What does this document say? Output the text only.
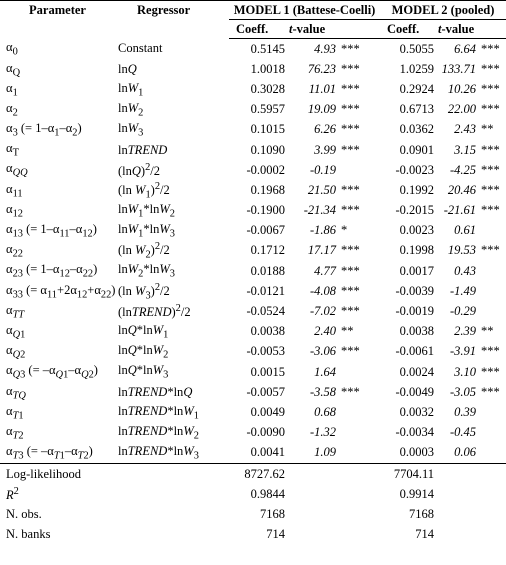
Parameter	Regressor	MODEL 1 (Battese-Coelli)			MODEL 2 (pooled)		
		Coeff.	t-value		Coeff.	t-value	
$\alpha_0$	Constant	0.5145	4.93	***	0.5055	6.64	***
$\alpha_Q$	lnQ	1.0018	76.23	***	1.0259	133.71	***
$\alpha_1$	lnW$_1$	0.3028	11.01	***	0.2924	10.26	***
$\alpha_2$	lnW$_2$	0.5957	19.09	***	0.6713	22.00	***
$\alpha_3$ (= $1-\alpha_1-\alpha_2$)	lnW$_3$	0.1015	6.26	***	0.0362	2.43	**
$\alpha_T$	lnTREND	0.1090	3.99	***	0.0901	3.15	***
$\alpha_{QQ}$	$(\ln Q)^2/2$	-0.0002	-0.19		-0.0023	-4.25	***
$\alpha_{11}$	(ln $W_1)^2/2$	0.1968	21.50	***	0.1992	20.46	***
$\alpha_{12}$	lnW$_1$*lnW$_2$	-0.1900	-21.34	***	-0.2015	-21.61	***
$\alpha_{13}$ (= $1-\alpha_{11}-\alpha_{12}$)	lnW$_1$*lnW$_3$	-0.0067	-1.86	*	0.0023	0.61	
$\alpha_{22}$	(ln $W_2)^2/2$	0.1712	17.17	***	0.1998	19.53	***
$\alpha_{23}$ (= $1-\alpha_{12}-\alpha_{22}$)	lnW$_2$*lnW$_3$	0.0188	4.77	***	0.0017	0.43	
$\alpha_{33}$ (= $\alpha_{11}+2\alpha_{12}+\alpha_{22}$)	(ln $W_3)^2/2$	-0.0121	-4.08	***	-0.0039	-1.49	
$\alpha_{TT}$	(lnTREND)$^2$/2	-0.0524	-7.02	***	-0.0019	-0.29	
$\alpha_{Q1}$	lnQ*lnW$_1$	0.0038	2.40	**	0.0038	2.39	**
$\alpha_{Q2}$	lnQ*lnW$_2$	-0.0053	-3.06	***	-0.0061	-3.91	***
$\alpha_{Q3}$ (= $-\alpha_{Q1}-\alpha_{Q2}$)	lnQ*lnW$_3$	0.0015	1.64		0.0024	3.10	***
$\alpha_{TQ}$	lnTREND*lnQ	-0.0057	-3.58	***	-0.0049	-3.05	***
$\alpha_{T1}$	lnTREND*lnW$_1$	0.0049	0.68		0.0032	0.39	
$\alpha_{T2}$	lnTREND*lnW$_2$	-0.0090	-1.32		-0.0034	-0.45	
$\alpha_{T3}$ (= $-\alpha_{T1}-\alpha_{T2}$)	lnTREND*lnW$_3$	0.0041	1.09		0.0003	0.06	
Log-likelihood		8727.62			7704.11		
$R^2$		0.9844			0.9914		
N. obs.		7168			7168		
N. banks		714			714		
